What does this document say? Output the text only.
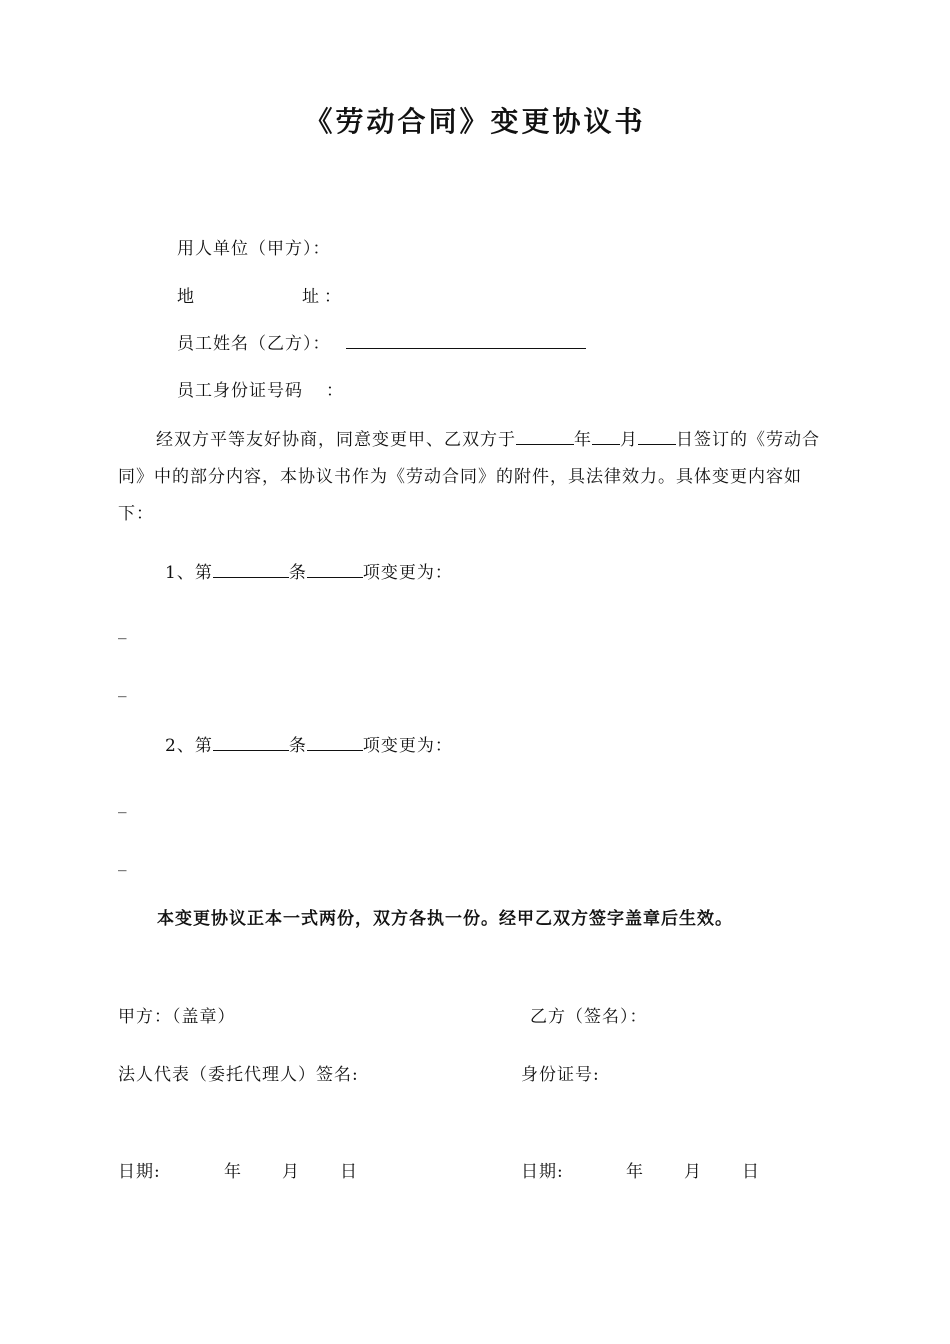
《劳动合同》变更协议书
用人单位（甲方）：
地	址 ：
员工姓名（乙方）：
员工身份证号码 ：
经双方平等友好协商，同意变更甲、乙双方于	年 月 日签订的《劳动合同》中的部分内容，本协议书作为《劳动合同》的附件，具法律效力。具体变更内容如下：
1、第	条	项变更为：
_
_
2、第	条	项变更为：
_
_
本变更协议正本一式两份，双方各执一份。经甲乙双方签字盖章后生效。
甲方：（盖章）	乙方（签名）：
法人代表（委托代理人）签名:	身份证号:
日期:	年 月 日	日期:	年 月 日
